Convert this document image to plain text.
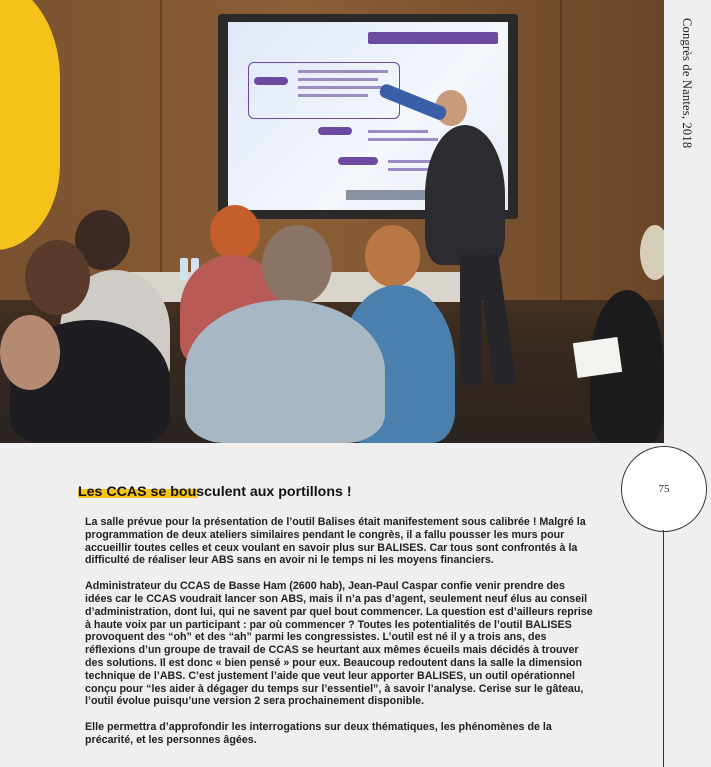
Congrès de Nantes, 2018
75
Les CCAS se bousculent aux portillons !

La salle prévue pour la présentation de l’outil Balises était manifestement sous calibrée ! Malgré la programmation de deux ateliers similaires pendant le congrès, il a fallu pousser les murs pour accueillir toutes celles et ceux voulant en savoir plus sur BALISES. Car tous sont confrontés à la difficulté de réaliser leur ABS sans en avoir ni le temps ni les moyens financiers.

Administrateur du CCAS de Basse Ham (2600 hab), Jean-Paul Caspar confie venir prendre des idées car le CCAS voudrait lancer son ABS, mais il n’a pas d’agent, seulement neuf élus au conseil d’administration, dont lui, qui ne savent par quel bout commencer. La question est d’ailleurs reprise à haute voix par un participant : par où commencer ? Toutes les potentialités de l’outil BALISES provoquent des “oh” et des “ah” parmi les congressistes. L’outil est né il y a trois ans, des réflexions d’un groupe de travail de CCAS se heurtant aux mêmes écueils mais décidés à trouver des solutions. Il est donc « bien pensé » pour eux. Beaucoup redoutent dans la salle la dimension technique de l’ABS. C’est justement l’aide que veut leur apporter BALISES, un outil opérationnel conçu pour “les aider à dégager du temps sur l’essentiel”, à savoir l’analyse. Cerise sur le gâteau, l’outil évolue puisqu’une version 2 sera prochainement disponible.

Elle permettra d’approfondir les interrogations sur deux thématiques, les phénomènes de la précarité, et les personnes âgées.
